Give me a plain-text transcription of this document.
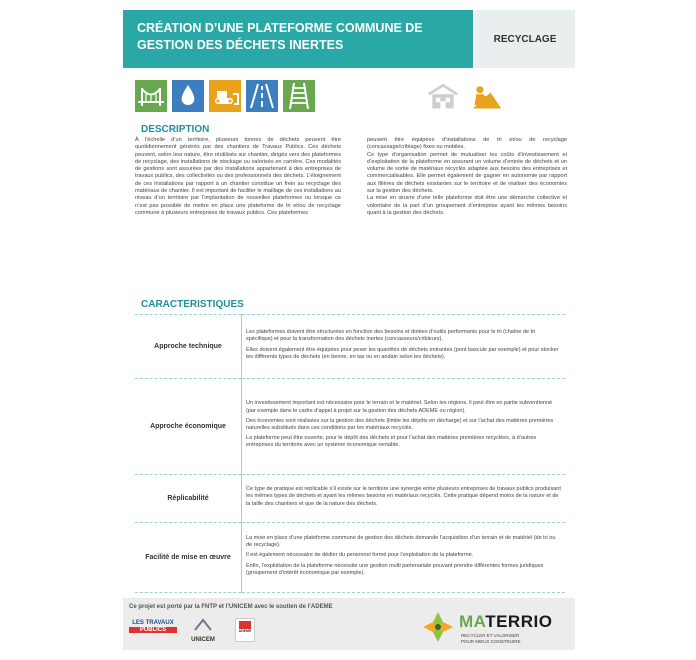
CRÉATION D’UNE PLATEFORME COMMUNE DE
GESTION DES DÉCHETS INERTES	RECYCLAGE
DESCRIPTION

À l’échelle d’un territoire, plusieurs tonnes de déchets peuvent être quotidiennement générés par des chantiers de Travaux Publics. Ces déchets peuvent, selon leur nature, être réutilisés sur chantier, dirigés vers des plateformes de recyclage, des installations de stockage ou valorisés en carrière. Ces modalités de gestions sont assurées par des installations appartenant à des entreprises de travaux publics, des collectivités ou des professionnels des déchets. L’éloignement de ces installations par rapport à un chantier constitue un frein au recyclage des matériaux de chantier. Il est important de faciliter le maillage de ces installations au niveau d’un territoire par l’implantation de nouvelles plateformes ou lorsque ce n’est pas possible de mettre en place une plateforme de tri et/ou de recyclage commune à plusieurs entreprises de travaux publics. Ces plateformes

peuvent être équipées d’installations de tri et/ou de recyclage (concassage/criblage) fixes ou mobiles.

Ce type d’organisation permet de mutualiser les coûts d’investissement et d’exploitation de la plateforme en assurant un volume d’entrée de déchets et un volume de sortie de matériaux recyclés adaptée aux besoins des entreprises et commercialisables. Elle permet également de gagner en autonomie par rapport aux filières de déchets existantes sur le territoire et de réaliser des économies sur la gestion des déchets.

La mise en œuvre d’une telle plateforme doit être une démarche collective et volontaire de la part d’un groupement d’entreprise ayant les mêmes besoins quant à la gestion des déchets.

CARACTERISTIQUES
Approche technique	Les plateformes doivent être structurées en fonction des besoins et dotées d’outils performants pour le tri (chaîne de tri spécifique) et pour la transformation des déchets inertes (concasseurs/cribleurs).

Elles doivent également être équipées pour peser les quantités de déchets entrantes (pont bascule par exemple) et pour stocker les différents types de déchets (en benne, en tas ou en andain selon les déchets).

Approche économique	Un investissement important est nécessaire pour le terrain et le matériel. Selon les régions, il peut être en partie subventionné (par exemple dans le cadre d’appel à projet sur la gestion des déchets ADEME ou région).

Des économies sont réalisées sur la gestion des déchets (limite les dépôts en décharge) et sur l’achat des matières premières naturelles substitués dans ces conditions par les matériaux recyclés.

La plateforme peut être ouverte, pour le dépôt des déchets et pour l’achat des matières premières recyclées, à d’autres entreprises du territoire avec un système économique rentable.

Réplicabilité	Ce type de pratique est réplicable s’il existe sur le territoire une synergie entre plusieurs entreprises de travaux publics produisant les mêmes types de déchets et ayant les mêmes besoins en matériaux recyclés. Cette pratique dépend moins de la nature et de la taille des chantiers et que de la nature des déchets.

Facilité de mise en œuvre	La mise en place d’une plateforme commune de gestion des déchets demande l’acquisition d’un terrain et de matériel (de tri ou de recyclage).

Il est également nécessaire de dédier du personnel formé pour l’exploitation de la plateforme.

Enfin, l’exploitation de la plateforme nécessite une gestion multi partenariale pouvant prendre différentes formes juridiques (groupement d’intérêt économique par exemple).

Ce projet est porté par la FNTP et l’UNICEM avec le soutien de l’ADEME
LES TRAVAUX
PUBLICS
UNICEM
ADEME	MATERRIO
RECYCLER ET VALORISER
POUR MIEUX CONSTRUIRE
